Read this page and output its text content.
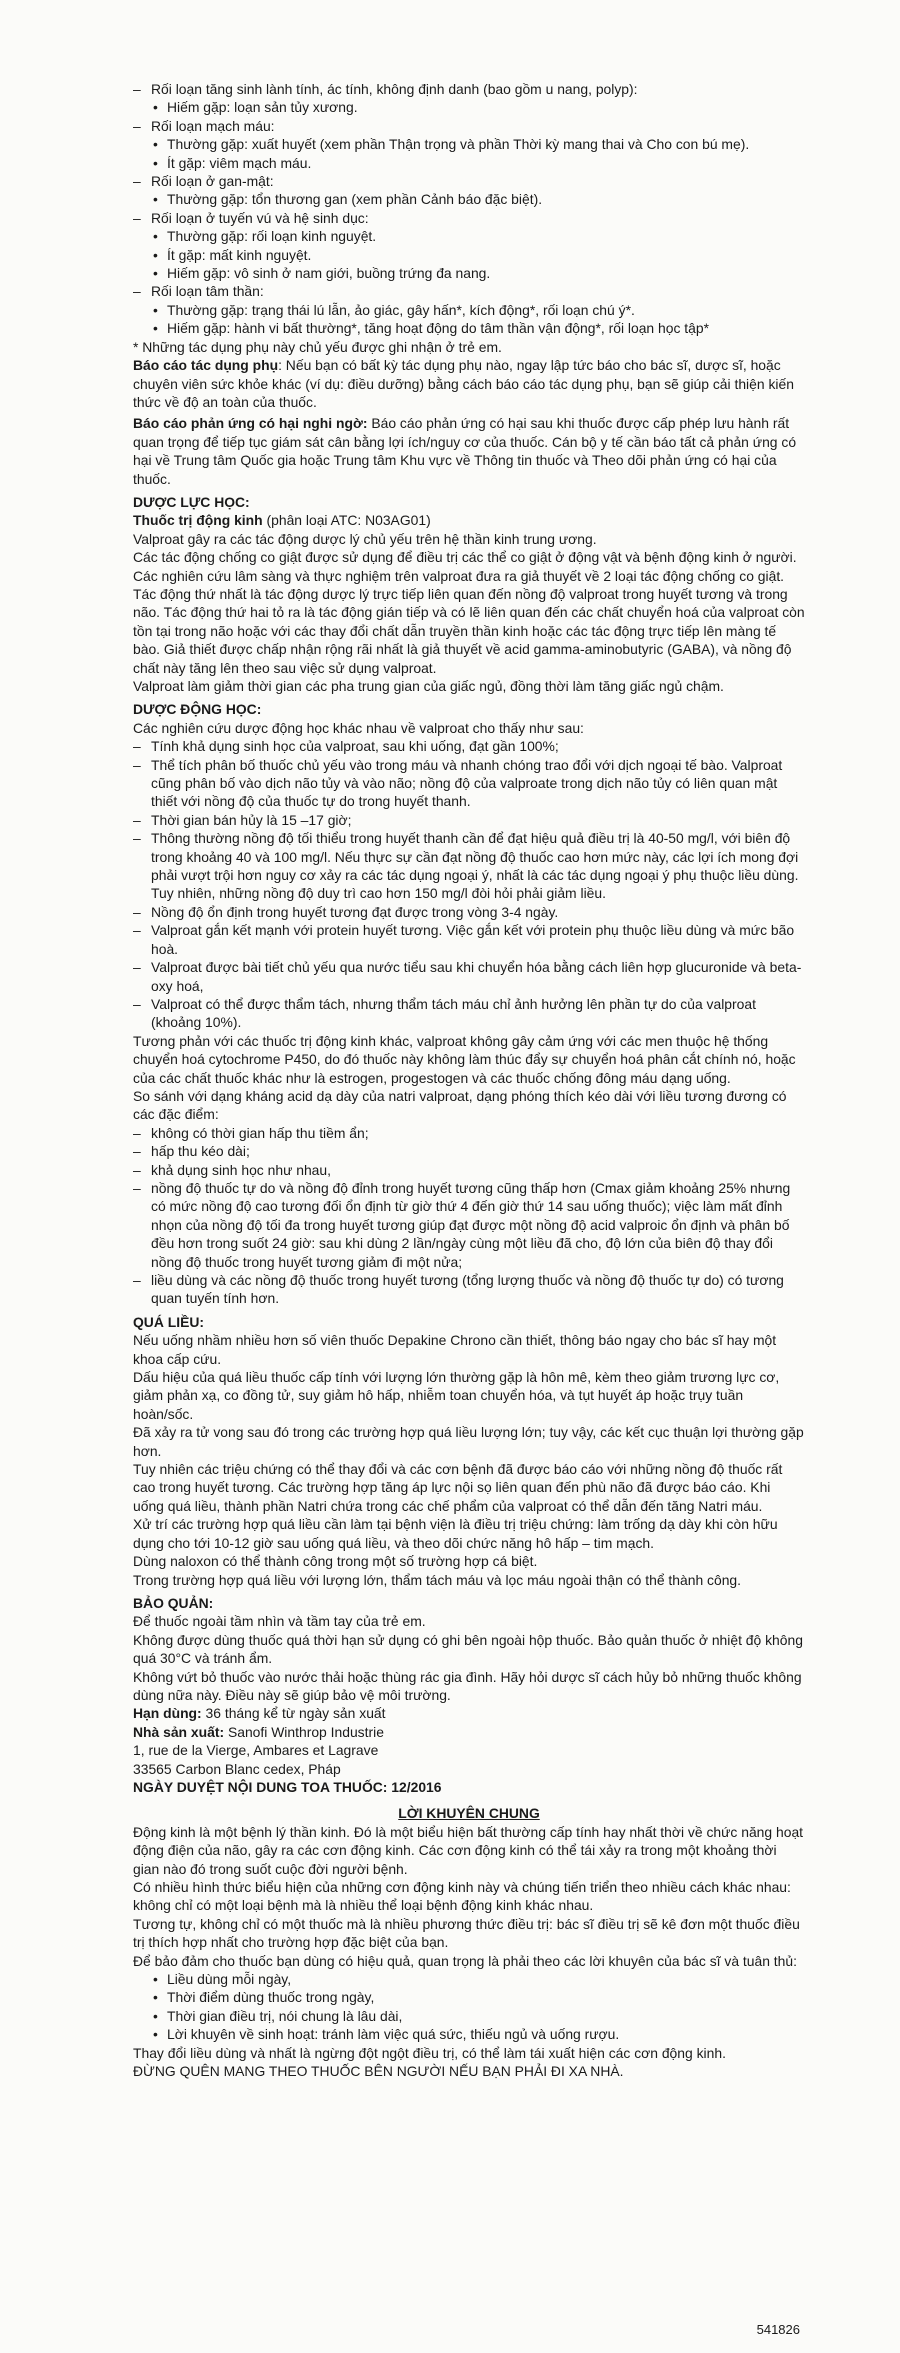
– Rối loạn tăng sinh lành tính, ác tính, không định danh (bao gồm u nang, polyp):
• Hiếm gặp: loạn sản tủy xương.
– Rối loạn mạch máu:
• Thường gặp: xuất huyết (xem phần Thận trọng và phần Thời kỳ mang thai và Cho con bú mẹ).
• Ít gặp: viêm mạch máu.
– Rối loạn ở gan-mật:
• Thường gặp: tổn thương gan (xem phần Cảnh báo đặc biệt).
– Rối loạn ở tuyến vú và hệ sinh dục:
• Thường gặp: rối loạn kinh nguyệt.
• Ít gặp: mất kinh nguyệt.
• Hiếm gặp: vô sinh ở nam giới, buồng trứng đa nang.
– Rối loạn tâm thần:
• Thường gặp: trạng thái lú lẫn, ảo giác, gây hấn*, kích động*, rối loạn chú ý*.
• Hiếm gặp: hành vi bất thường*, tăng hoạt động do tâm thần vận động*, rối loạn học tập*

* Những tác dụng phụ này chủ yếu được ghi nhận ở trẻ em.

Báo cáo tác dụng phụ: Nếu bạn có bất kỳ tác dụng phụ nào, ngay lập tức báo cho bác sĩ, dược sĩ, hoặc chuyên viên sức khỏe khác (ví dụ: điều dưỡng) bằng cách báo cáo tác dụng phụ, bạn sẽ giúp cải thiện kiến thức về độ an toàn của thuốc.

Báo cáo phản ứng có hại nghi ngờ: Báo cáo phản ứng có hại sau khi thuốc được cấp phép lưu hành rất quan trọng để tiếp tục giám sát cân bằng lợi ích/nguy cơ của thuốc. Cán bộ y tế cần báo tất cả phản ứng có hại về Trung tâm Quốc gia hoặc Trung tâm Khu vực về Thông tin thuốc và Theo dõi phản ứng có hại của thuốc.

DƯỢC LỰC HỌC:

Thuốc trị động kinh (phân loại ATC: N03AG01)

Valproat gây ra các tác động dược lý chủ yếu trên hệ thần kinh trung ương.

Các tác động chống co giật được sử dụng để điều trị các thể co giật ở động vật và bệnh động kinh ở người.

Các nghiên cứu lâm sàng và thực nghiệm trên valproat đưa ra giả thuyết về 2 loại tác động chống co giật. Tác động thứ nhất là tác động dược lý trực tiếp liên quan đến nồng độ valproat trong huyết tương và trong não. Tác động thứ hai tỏ ra là tác động gián tiếp và có lẽ liên quan đến các chất chuyển hoá của valproat còn tồn tại trong não hoặc với các thay đổi chất dẫn truyền thần kinh hoặc các tác động trực tiếp lên màng tế bào. Giả thiết được chấp nhận rộng rãi nhất là giả thuyết về acid gamma-aminobutyric (GABA), và nồng độ chất này tăng lên theo sau việc sử dụng valproat.

Valproat làm giảm thời gian các pha trung gian của giấc ngủ, đồng thời làm tăng giấc ngủ chậm.

DƯỢC ĐỘNG HỌC:

Các nghiên cứu dược động học khác nhau về valproat cho thấy như sau:

– Tính khả dụng sinh học của valproat, sau khi uống, đạt gần 100%;
– Thể tích phân bố thuốc chủ yếu vào trong máu và nhanh chóng trao đổi với dịch ngoại tế bào. Valproat cũng phân bố vào dịch não tủy và vào não; nồng độ của valproate trong dịch não tủy có liên quan mật thiết với nồng độ của thuốc tự do trong huyết thanh.
– Thời gian bán hủy là 15 –17 giờ;
– Thông thường nồng độ tối thiểu trong huyết thanh cần để đạt hiệu quả điều trị là 40-50 mg/l, với biên độ trong khoảng 40 và 100 mg/l. Nếu thực sự cần đạt nồng độ thuốc cao hơn mức này, các lợi ích mong đợi phải vượt trội hơn nguy cơ xảy ra các tác dụng ngoại ý, nhất là các tác dụng ngoại ý phụ thuộc liều dùng. Tuy nhiên, những nồng độ duy trì cao hơn 150 mg/l đòi hỏi phải giảm liều.
– Nồng độ ổn định trong huyết tương đạt được trong vòng 3-4 ngày.
– Valproat gắn kết mạnh với protein huyết tương. Việc gắn kết với protein phụ thuộc liều dùng và mức bão hoà.
– Valproat được bài tiết chủ yếu qua nước tiểu sau khi chuyển hóa bằng cách liên hợp glucuronide và beta-oxy hoá,
– Valproat có thể được thẩm tách, nhưng thẩm tách máu chỉ ảnh hưởng lên phần tự do của valproat (khoảng 10%).

Tương phản với các thuốc trị động kinh khác, valproat không gây cảm ứng với các men thuộc hệ thống chuyển hoá cytochrome P450, do đó thuốc này không làm thúc đẩy sự chuyển hoá phân cắt chính nó, hoặc của các chất thuốc khác như là estrogen, progestogen và các thuốc chống đông máu dạng uống.

So sánh với dạng kháng acid dạ dày của natri valproat, dạng phóng thích kéo dài với liều tương đương có các đặc điểm:

– không có thời gian hấp thu tiềm ẩn;
– hấp thu kéo dài;
– khả dụng sinh học như nhau,
– nồng độ thuốc tự do và nồng độ đỉnh trong huyết tương cũng thấp hơn (Cmax giảm khoảng 25% nhưng có mức nồng độ cao tương đối ổn định từ giờ thứ 4 đến giờ thứ 14 sau uống thuốc); việc làm mất đỉnh nhọn của nồng độ tối đa trong huyết tương giúp đạt được một nồng độ acid valproic ổn định và phân bố đều hơn trong suốt 24 giờ: sau khi dùng 2 lần/ngày cùng một liều đã cho, độ lớn của biên độ thay đổi nồng độ thuốc trong huyết tương giảm đi một nửa;
– liều dùng và các nồng độ thuốc trong huyết tương (tổng lượng thuốc và nồng độ thuốc tự do) có tương quan tuyến tính hơn.

QUÁ LIỀU:

Nếu uống nhầm nhiều hơn số viên thuốc Depakine Chrono cần thiết, thông báo ngay cho bác sĩ hay một khoa cấp cứu.

Dấu hiệu của quá liều thuốc cấp tính với lượng lớn thường gặp là hôn mê, kèm theo giảm trương lực cơ, giảm phản xạ, co đồng tử, suy giảm hô hấp, nhiễm toan chuyển hóa, và tụt huyết áp hoặc trụy tuần hoàn/sốc.

Đã xảy ra tử vong sau đó trong các trường hợp quá liều lượng lớn; tuy vậy, các kết cục thuận lợi thường gặp hơn.

Tuy nhiên các triệu chứng có thể thay đổi và các cơn bệnh đã được báo cáo với những nồng độ thuốc rất cao trong huyết tương. Các trường hợp tăng áp lực nội sọ liên quan đến phù não đã được báo cáo. Khi uống quá liều, thành phần Natri chứa trong các chế phẩm của valproat có thể dẫn đến tăng Natri máu.

Xử trí các trường hợp quá liều cần làm tại bệnh viện là điều trị triệu chứng: làm trống dạ dày khi còn hữu dụng cho tới 10-12 giờ sau uống quá liều, và theo dõi chức năng hô hấp – tim mạch.

Dùng naloxon có thể thành công trong một số trường hợp cá biệt.

Trong trường hợp quá liều với lượng lớn, thẩm tách máu và lọc máu ngoài thận có thể thành công.

BẢO QUẢN:

Để thuốc ngoài tầm nhìn và tầm tay của trẻ em.

Không được dùng thuốc quá thời hạn sử dụng có ghi bên ngoài hộp thuốc. Bảo quản thuốc ở nhiệt độ không quá 30°C và tránh ẩm.

Không vứt bỏ thuốc vào nước thải hoặc thùng rác gia đình. Hãy hỏi dược sĩ cách hủy bỏ những thuốc không dùng nữa này. Điều này sẽ giúp bảo vệ môi trường.

Hạn dùng: 36 tháng kể từ ngày sản xuất

Nhà sản xuất: Sanofi Winthrop Industrie

1, rue de la Vierge, Ambares et Lagrave

33565 Carbon Blanc cedex, Pháp

NGÀY DUYỆT NỘI DUNG TOA THUỐC: 12/2016

LỜI KHUYÊN CHUNG

Động kinh là một bệnh lý thần kinh. Đó là một biểu hiện bất thường cấp tính hay nhất thời về chức năng hoạt động điện của não, gây ra các cơn động kinh. Các cơn động kinh có thể tái xảy ra trong một khoảng thời gian nào đó trong suốt cuộc đời người bệnh.

Có nhiều hình thức biểu hiện của những cơn động kinh này và chúng tiến triển theo nhiều cách khác nhau: không chỉ có một loại bệnh mà là nhiều thể loại bệnh động kinh khác nhau.

Tương tự, không chỉ có một thuốc mà là nhiều phương thức điều trị: bác sĩ điều trị sẽ kê đơn một thuốc điều trị thích hợp nhất cho trường hợp đặc biệt của bạn.

Để bảo đảm cho thuốc bạn dùng có hiệu quả, quan trọng là phải theo các lời khuyên của bác sĩ và tuân thủ:

• Liều dùng mỗi ngày,
• Thời điểm dùng thuốc trong ngày,
• Thời gian điều trị, nói chung là lâu dài,
• Lời khuyên về sinh hoạt: tránh làm việc quá sức, thiếu ngủ và uống rượu.

Thay đổi liều dùng và nhất là ngừng đột ngột điều trị, có thể làm tái xuất hiện các cơn động kinh.

ĐỪNG QUÊN MANG THEO THUỐC BÊN NGƯỜI NẾU BẠN PHẢI ĐI XA NHÀ.

541826
